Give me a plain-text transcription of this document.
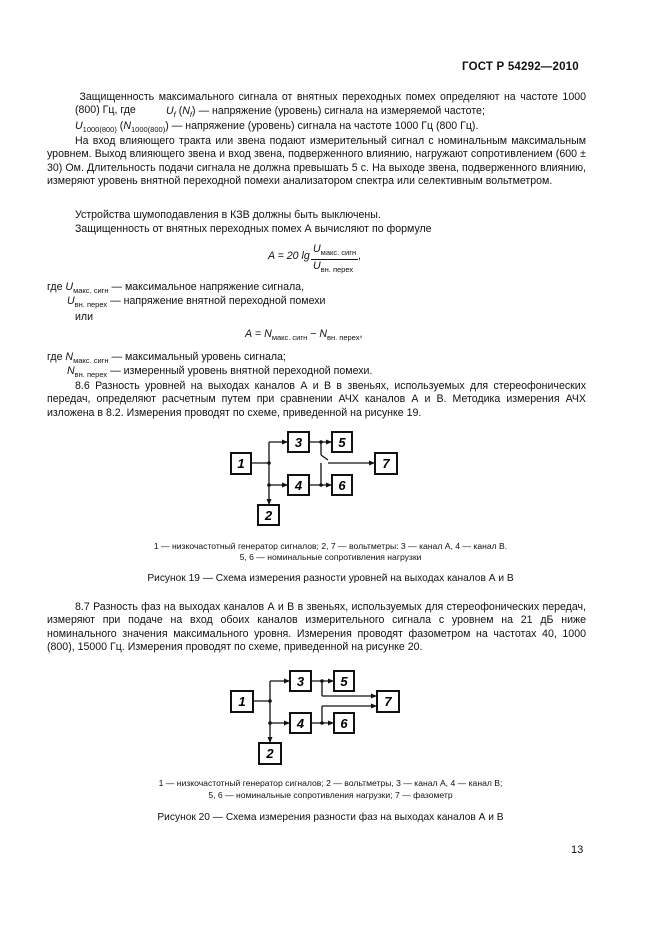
ГОСТ Р 54292—2010
Защищенность максимального сигнала от внятных переходных помех определяют на частоте 1000 (800) Гц, где	$U_f$ $(N_f)$ — напряжение (уровень) сигнала на измеряемой частоте;
$U_{1000(800)}$ $(N_{1000(800)})$ — напряжение (уровень) сигнала на частоте 1000 Гц (800 Гц).
На вход влияющего тракта или звена подают измерительный сигнал с номинальным максимальным уровнем. Выход влияющего звена и вход звена, подверженного влиянию, нагружают сопротивлением (600 ± 30) Ом. Длительность подачи сигнала не должна превышать 5 с. На выходе звена, подверженного влиянию, измеряют уровень внятной переходной помехи анализатором спектра или селективным вольтметром.
Устройства шумоподавления в КЗВ должны быть выключены.
Защищенность от внятных переходных помех А вычисляют по формуле
A = 20 lg
$U_{макс. сигн}$
$U_{вн. перех}$
,
где $U_{макс. сигн}$ — максимальное напряжение сигнала,
$U_{вн. перех}$ — напряжение внятной переходной помехи
или
$A = N_{макс. сигн} - N_{вн. перех}$,
где $N_{макс. сигн}$ — максимальный уровень сигнала;
$N_{вн. перех}$ — измеренный уровень внятной переходной помехи.
8.6 Разность уровней на выходах каналов А и В в звеньях, используемых для стереофонических передач, определяют расчетным путем при сравнении АЧХ каналов А и В. Методика измерения АЧХ изложена в 8.2. Измерения проводят по схеме, приведенной на рисунке 19.
1
2
3
4
5
6
7
1 — низкочастотный генератор сигналов; 2, 7 — вольтметры: 3 — канал А, 4 — канал В.
5, 6 — номинальные сопротивления нагрузки
Рисунок 19 — Схема измерения разности уровней на выходах каналов А и В
8.7 Разность фаз на выходах каналов А и В в звеньях, используемых для стереофонических передач, измеряют при подаче на вход обоих каналов измерительного сигнала с уровнем на 21 дБ ниже номинального значения максимального уровня. Измерения проводят фазометром на частотах 40, 1000 (800), 15000 Гц. Измерения проводят по схеме, приведенной на рисунке 20.
1
2
3
4
5
6
7
1 — низкочастотный генератор сигналов; 2 — вольтметры, 3 — канал А, 4 — канал В;
5, 6 — номинальные сопротивления нагрузки; 7 — фазометр
Рисунок 20 — Схема измерения разности фаз на выходах каналов А и В
13
